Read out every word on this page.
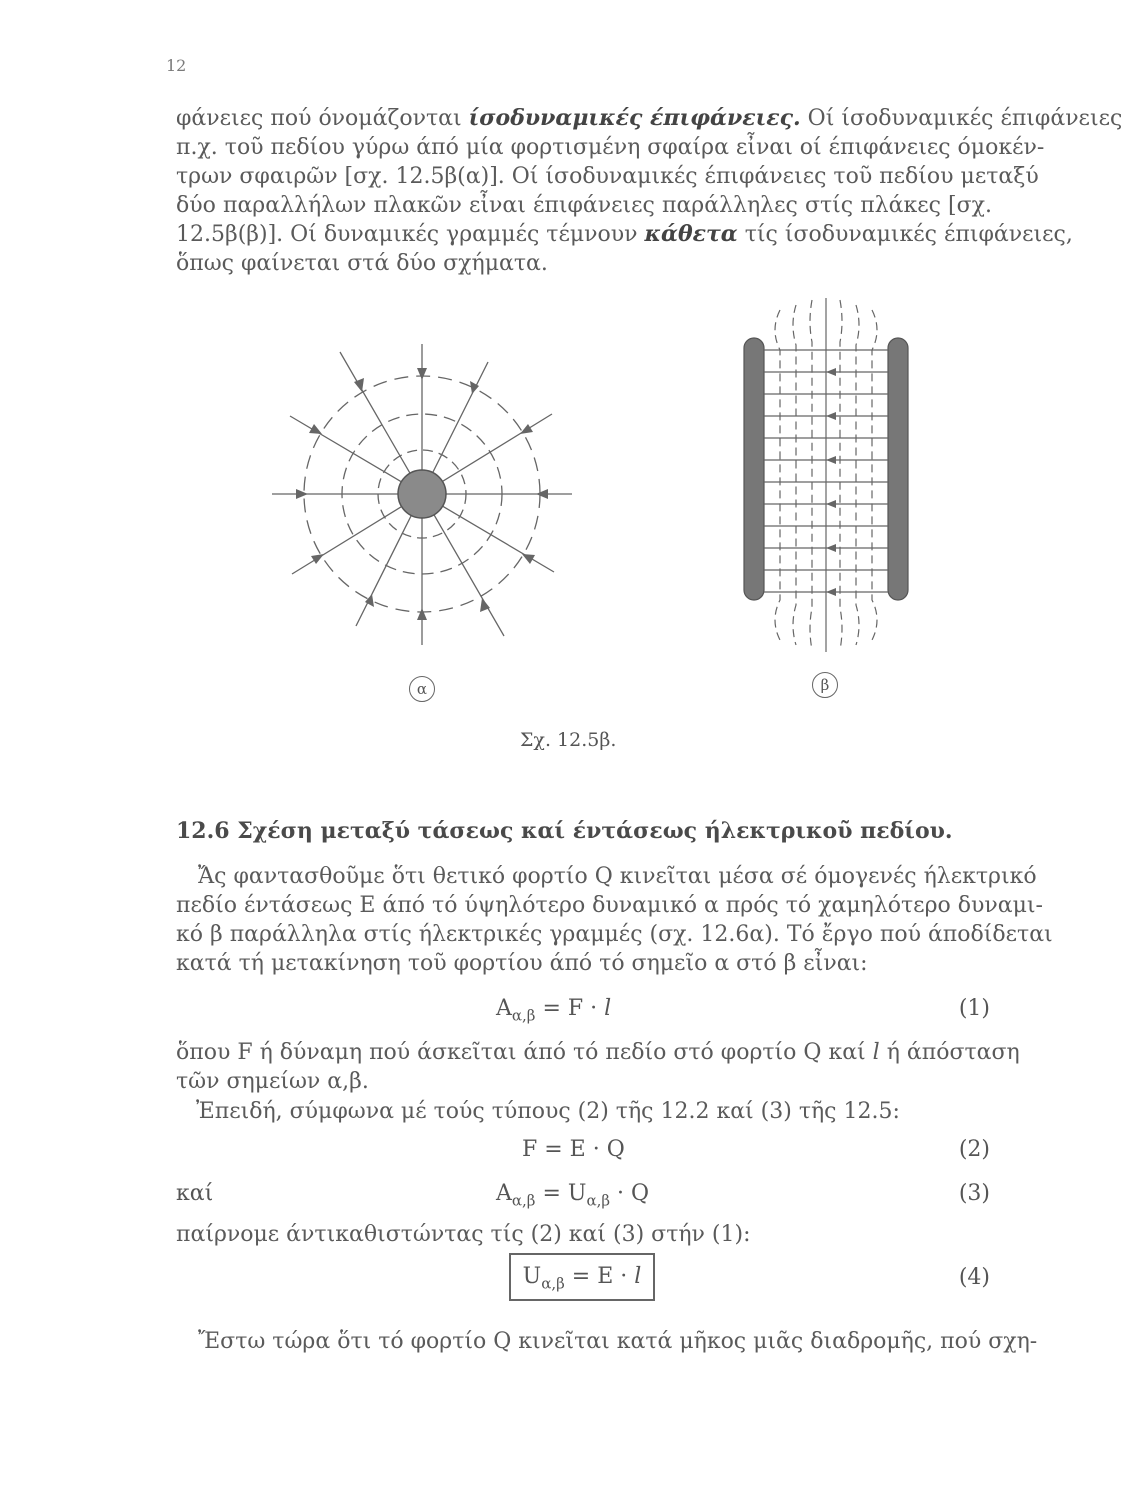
12
φάνειες πού όνομάζονται ίσοδυναμικές έπιφάνειες. Οί ίσοδυναμικές έπιφάνειες
π.χ. τοῦ πεδίου γύρω άπό μία φορτισμένη σφαίρα εἶναι οί έπιφάνειες όμοκέν-
τρων σφαιρῶν [σχ. 12.5β(α)]. Οί ίσοδυναμικές έπιφάνειες τοῦ πεδίου μεταξύ
δύο παραλλήλων πλακῶν εἶναι έπιφάνειες παράλληλες στίς πλάκες [σχ.
12.5β(β)]. Οί δυναμικές γραμμές τέμνουν κάθετα τίς ίσοδυναμικές έπιφάνειες,
ὅπως φαίνεται στά δύο σχήματα.
α	β
Σχ. 12.5β.
12.6 Σχέση μεταξύ τάσεως καί έντάσεως ήλεκτρικοῦ πεδίου.
Ἄς φαντασθοῦμε ὅτι θετικό φορτίο Q κινεῖται μέσα σέ όμογενές ήλεκτρικό
πεδίο έντάσεως Ε άπό τό ύψηλότερο δυναμικό α πρός τό χαμηλότερο δυναμι-
κό β παράλληλα στίς ήλεκτρικές γραμμές (σχ. 12.6α). Τό ἔργο πού άποδίδεται
κατά τή μετακίνηση τοῦ φορτίου άπό τό σημεῖο α στό β εἶναι:
$A_{\alpha,\beta} = F \cdot l$	(1)
ὅπου F ή δύναμη πού άσκεῖται άπό τό πεδίο στό φορτίο Q καί l ή άπόσταση
τῶν σημείων α,β.
Ἐπειδή, σύμφωνα μέ τούς τύπους (2) τῆς 12.2 καί (3) τῆς 12.5:
F = E · Q	(2)
καί	$A_{\alpha,\beta} = U_{\alpha,\beta} \cdot Q$	(3)
παίρνομε άντικαθιστώντας τίς (2) καί (3) στήν (1):
$U_{\alpha,\beta} = E \cdot l$	(4)
Ἔστω τώρα ὅτι τό φορτίο Q κινεῖται κατά μῆκος μιᾶς διαδρομῆς, πού σχη-
